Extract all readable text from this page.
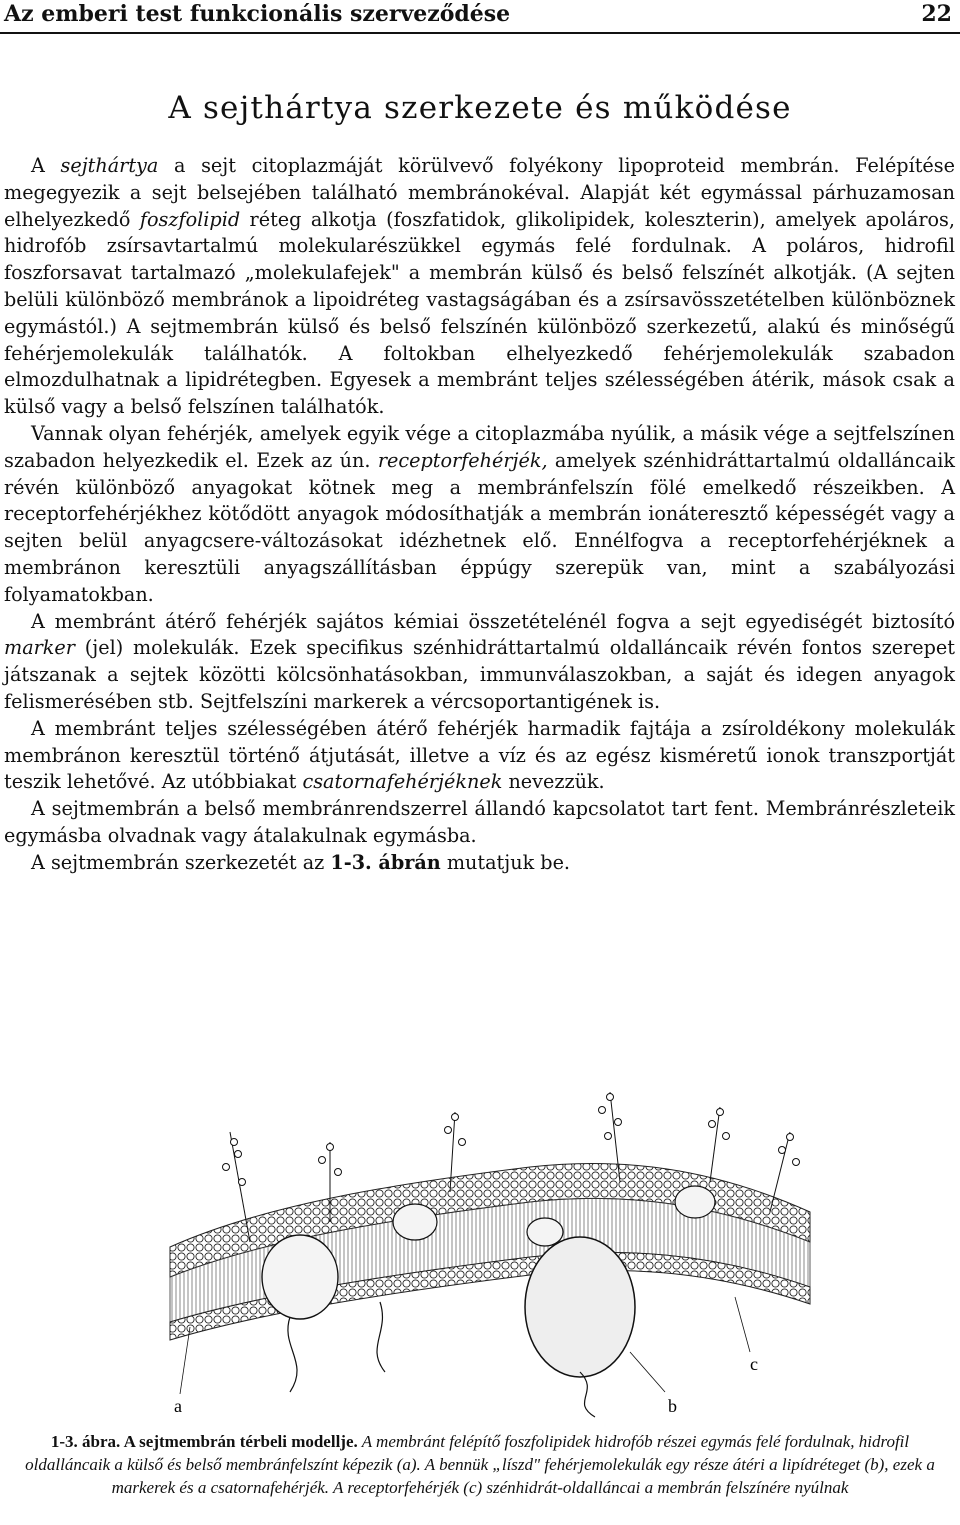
Az emberi test funkcionális szerveződése	22
A sejthártya szerkezete és működése

A sejthártya a sejt citoplazmáját körülvevő folyékony lipoproteid membrán. Felépítése megegyezik a sejt belsejében található membránokéval. Alapját két egymással párhuzamosan elhelyezkedő foszfolipid réteg alkotja (foszfatidok, glikolipidek, koleszterin), amelyek apoláros, hidrofób zsírsavtartalmú molekularészükkel egymás felé fordulnak. A poláros, hidrofil foszforsavat tartalmazó „molekulafejek" a membrán külső és belső felszínét alkotják. (A sejten belüli különböző membránok a lipoidréteg vastagságában és a zsírsavösszetételben különböznek egymástól.) A sejtmembrán külső és belső felszínén különböző szerkezetű, alakú és minőségű fehérjemolekulák találhatók. A foltokban elhelyezkedő fehérjemolekulák szabadon elmozdulhatnak a lipidrétegben. Egyesek a membránt teljes szélességében átérik, mások csak a külső vagy a belső felszínen találhatók.

Vannak olyan fehérjék, amelyek egyik vége a citoplazmába nyúlik, a másik vége a sejtfelszínen szabadon helyezkedik el. Ezek az ún. receptorfehérjék, amelyek szénhidráttartalmú oldalláncaik révén különböző anyagokat kötnek meg a membránfelszín fölé emelkedő részeikben. A receptorfehérjékhez kötődött anyagok módosíthatják a membrán ionáteresztő képességét vagy a sejten belül anyagcsere-változásokat idézhetnek elő. Ennélfogva a receptorfehérjéknek a membránon keresztüli anyagszállításban éppúgy szerepük van, mint a szabályozási folyamatokban.

A membránt átérő fehérjék sajátos kémiai összetételénél fogva a sejt egyediségét biztosító marker (jel) molekulák. Ezek specifikus szénhidráttartalmú oldalláncaik révén fontos szerepet játszanak a sejtek közötti kölcsönhatásokban, immunválaszokban, a saját és idegen anyagok felismerésében stb. Sejtfelszíni markerek a vércsoportantigének is.

A membránt teljes szélességében átérő fehérjék harmadik fajtája a zsíroldékony molekulák membránon keresztül történő átjutását, illetve a víz és az egész kisméretű ionok transzportját teszik lehetővé. Az utóbbiakat csatornafehérjéknek nevezzük.

A sejtmembrán a belső membránrendszerrel állandó kapcsolatot tart fent. Membránrészleteik egymásba olvadnak vagy átalakulnak egymásba.

A sejtmembrán szerkezetét az 1-3. ábrán mutatjuk be.

a	b
c
1-3. ábra. A sejtmembrán térbeli modellje. A membránt felépítő foszfolipidek hidrofób részei egymás felé fordulnak, hidrofil oldalláncaik a külső és belső membránfelszínt képezik (a). A bennük „líszd" fehérjemolekulák egy része átéri a lipídréteget (b), ezek a markerek és a csatornafehérjék. A receptorfehérjék (c) szénhidrát-oldalláncai a membrán felszínére nyúlnak
